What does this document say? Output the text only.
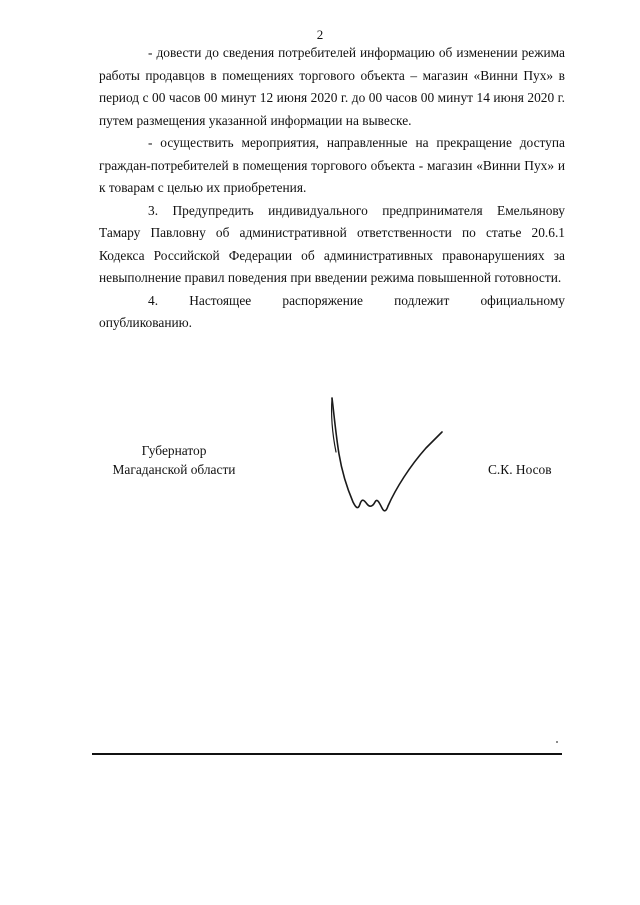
2

- довести до сведения потребителей информацию об изменении режима работы продавцов в помещениях торгового объекта – магазин «Винни Пух» в период с 00 часов 00 минут 12 июня 2020 г. до 00 часов 00 минут 14 июня 2020 г. путем размещения указанной информации на вывеске.

- осуществить мероприятия, направленные на прекращение доступа граждан-потребителей в помещения торгового объекта - магазин «Винни Пух» и к товарам с целью их приобретения.

3. Предупредить индивидуального предпринимателя Емельянову Тамару Павловну об административной ответственности по статье 20.6.1 Кодекса Российской Федерации об административных правонарушениях за невыполнение правил поведения при введении режима повышенной готовности.

4. Настоящее распоряжение подлежит официальному

опубликованию.

Губернатор
Магаданской области	С.К. Носов
